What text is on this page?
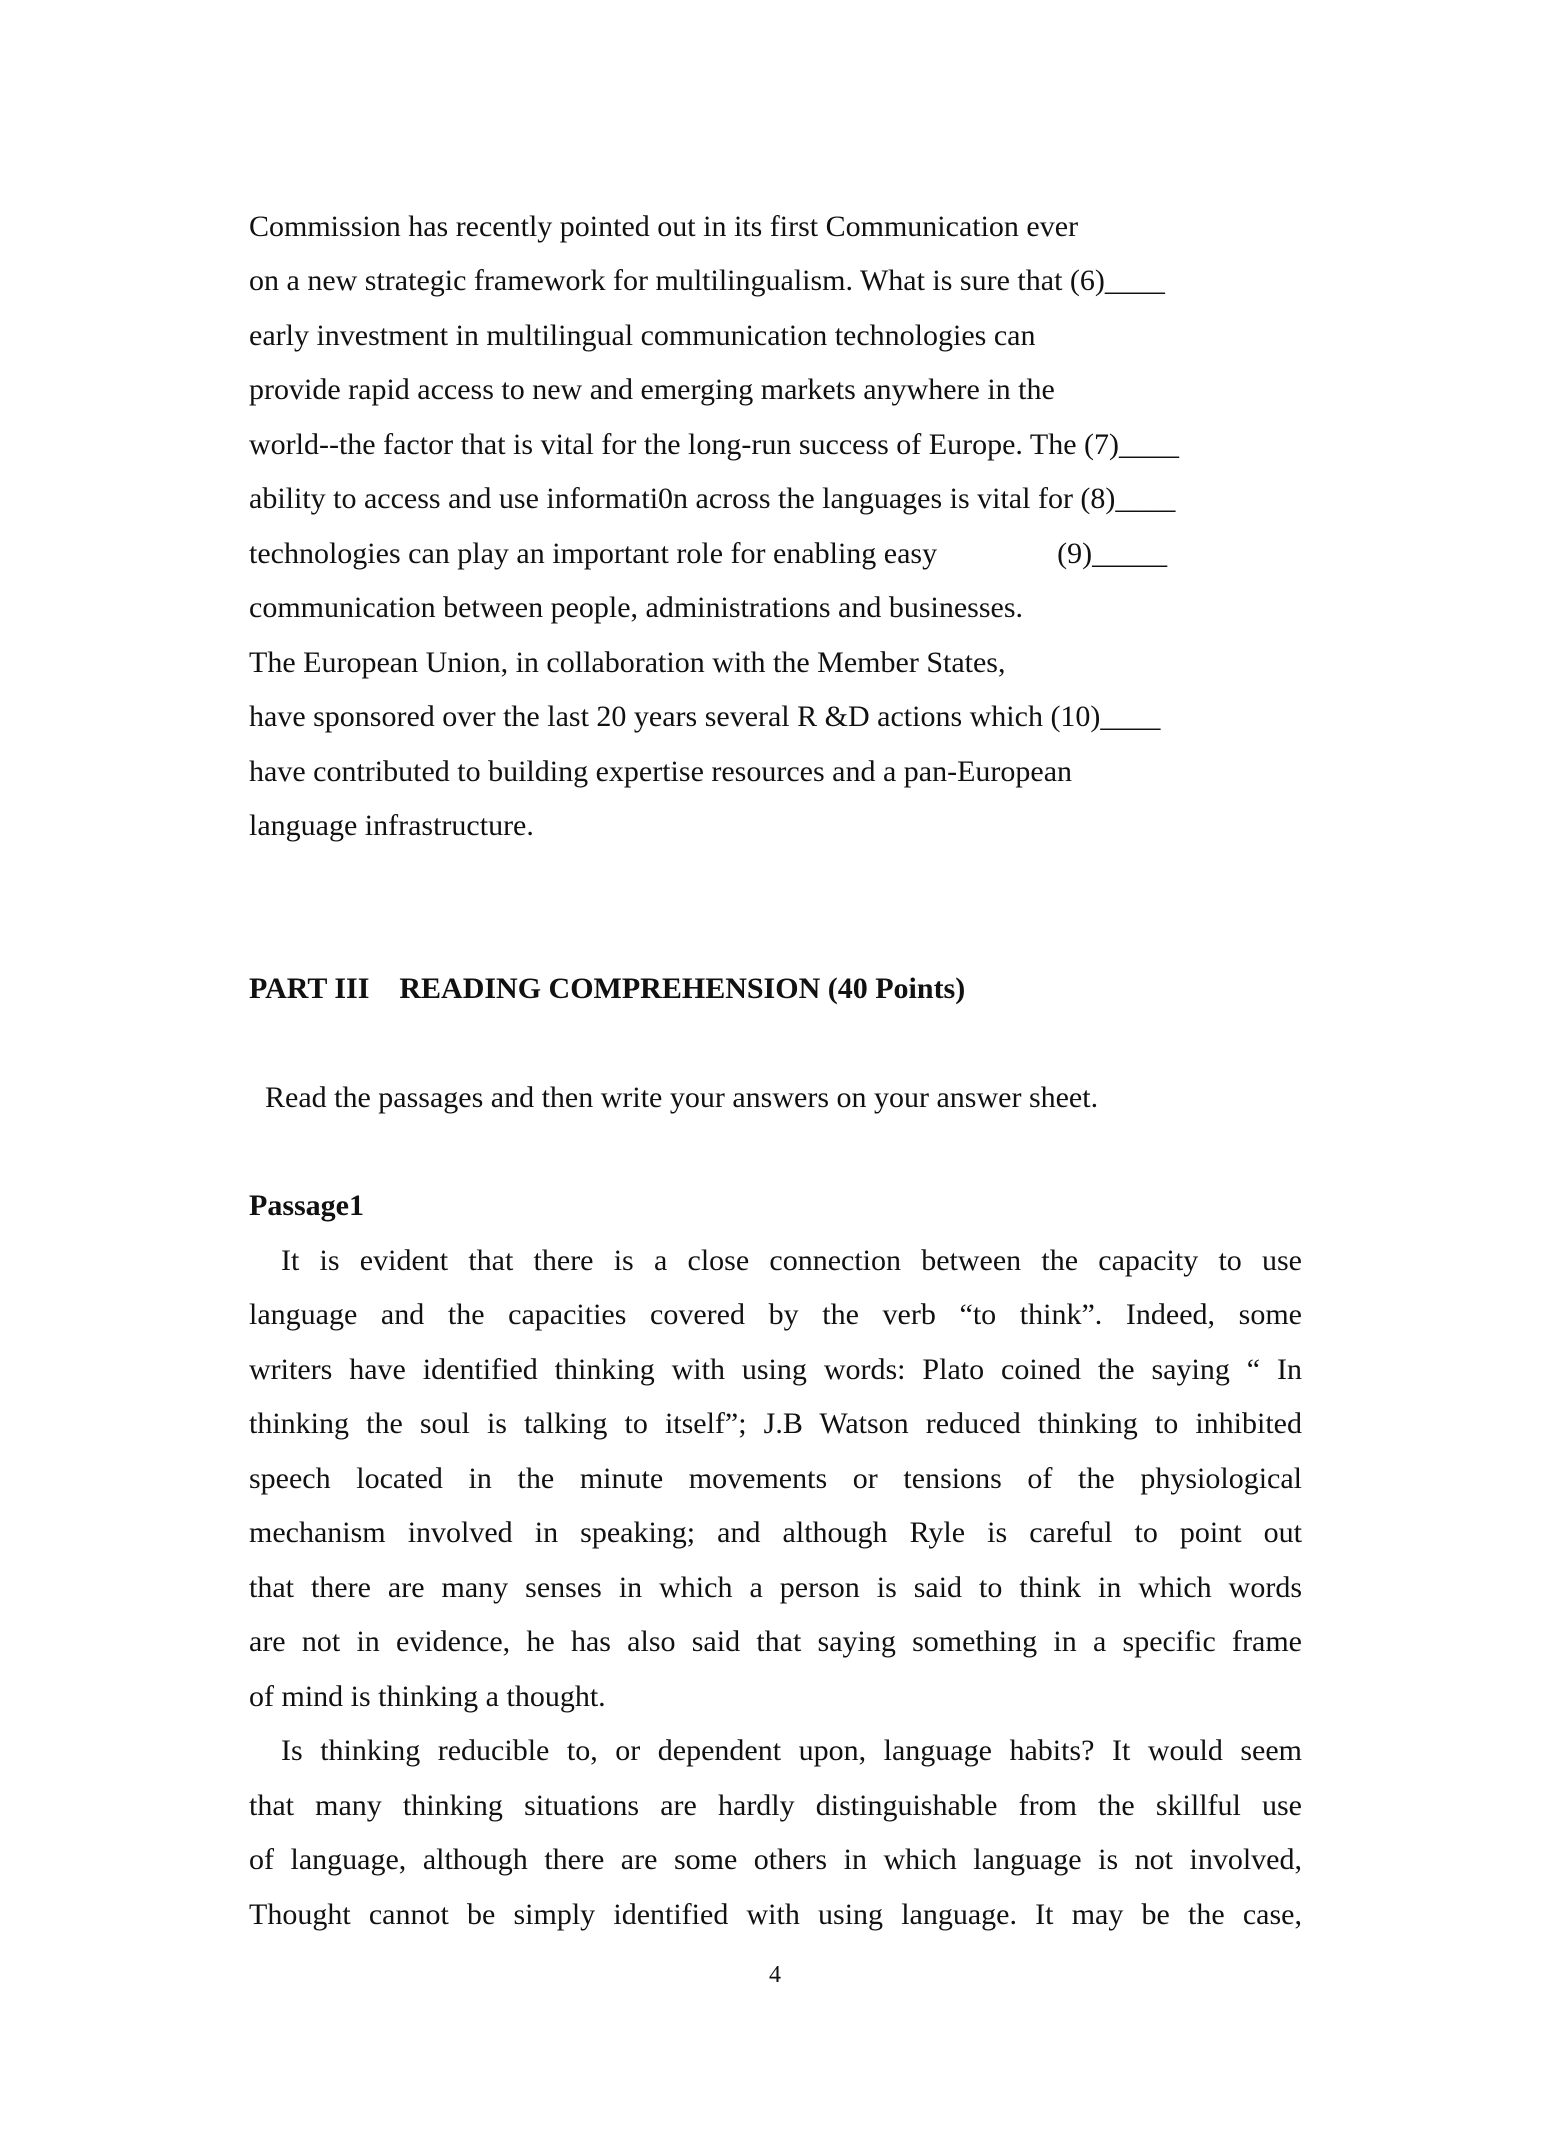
Commission has recently pointed out in its first Communication ever
on a new strategic framework for multilingualism. What is sure that (6)____
early investment in multilingual communication technologies can
provide rapid access to new and emerging markets anywhere in the
world--the factor that is vital for the long-run success of Europe. The (7)____
ability to access and use informati0n across the languages is vital for (8)____
technologies can play an important role for enabling easy                (9)_____
communication between people, administrations and businesses.
The European Union, in collaboration with the Member States,
have sponsored over the last 20 years several R &D actions which (10)____
have contributed to building expertise resources and a pan-European
language infrastructure.
PART III    READING COMPREHENSION (40 Points)
Read the passages and then write your answers on your answer sheet.
Passage1
It is evident that there is a close connection between the capacity to use
language and the capacities covered by the verb “to think”. Indeed, some
writers have identified thinking with using words: Plato coined the saying “ In
thinking the soul is talking to itself”; J.B Watson reduced thinking to inhibited
speech located in the minute movements or tensions of the physiological
mechanism involved in speaking; and although Ryle is careful to point out
that there are many senses in which a person is said to think in which words
are not in evidence, he has also said that saying something in a specific frame
of mind is thinking a thought.
Is thinking reducible to, or dependent upon, language habits? It would seem
that many thinking situations are hardly distinguishable from the skillful use
of language, although there are some others in which language is not involved,
Thought cannot be simply identified with using language. It may be the case,
4
